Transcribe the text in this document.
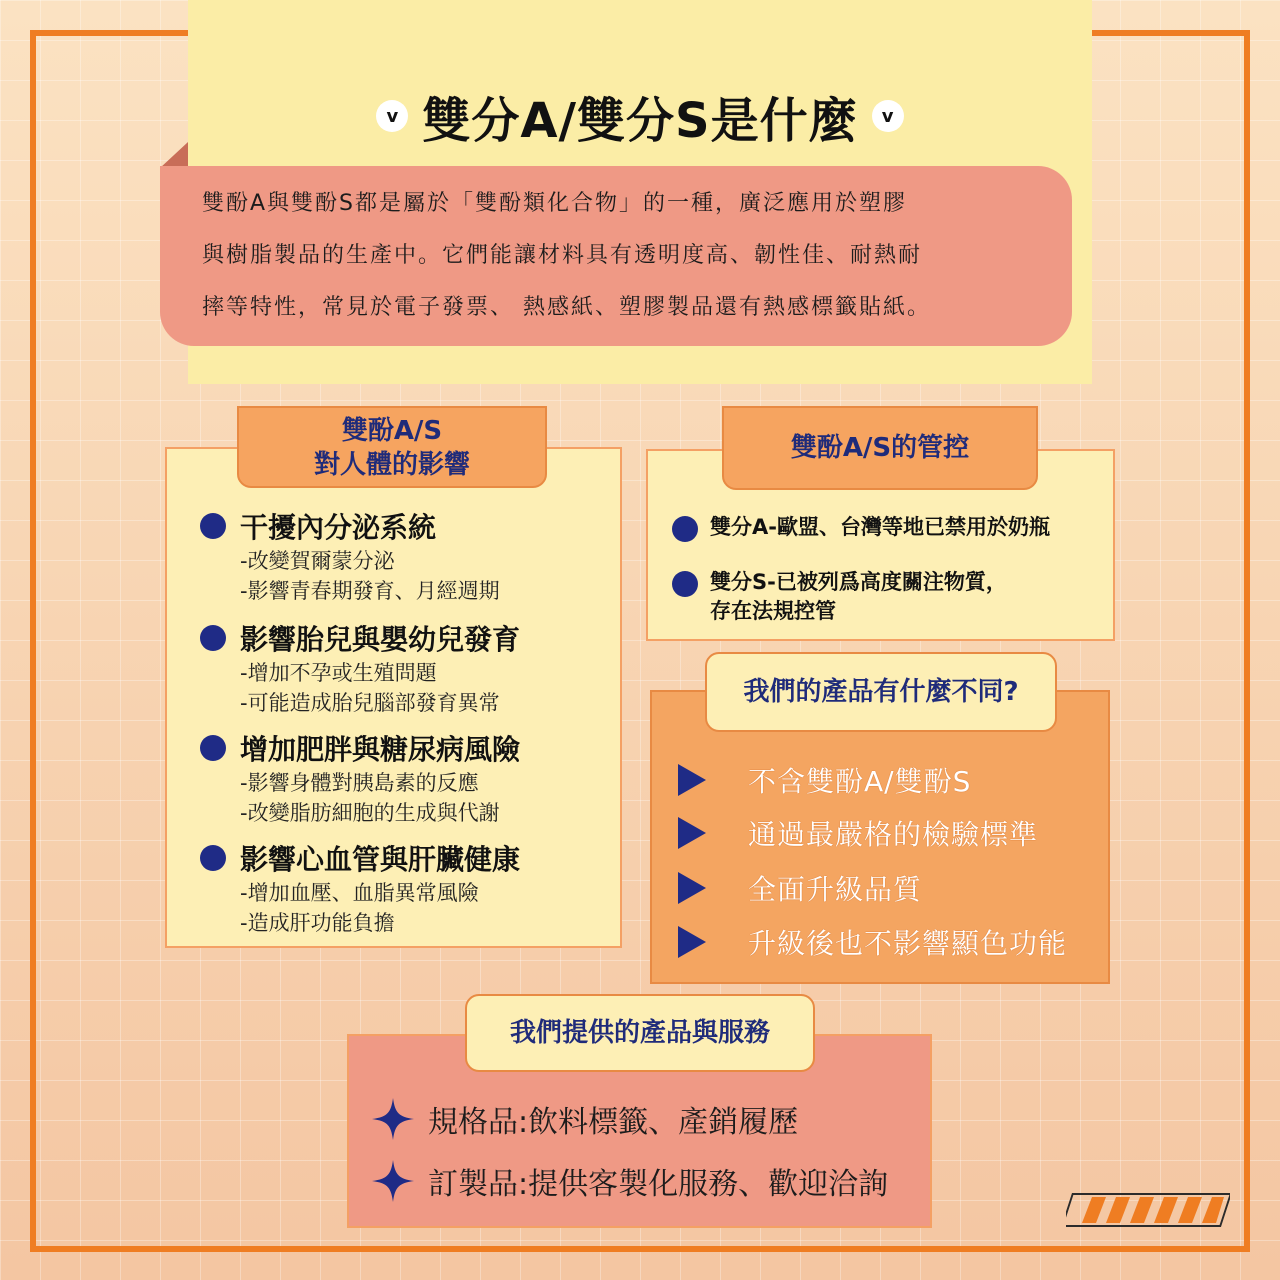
v 雙分A/雙分S是什麼	v
雙酚A與雙酚S都是屬於「雙酚類化合物」的一種，廣泛應用於塑膠
與樹脂製品的生產中。它們能讓材料具有透明度高、韌性佳、耐熱耐
摔等特性，常見於電子發票、 熱感紙、塑膠製品還有熱感標籤貼紙。
雙酚A/S
對人體的影響
干擾內分泌系統
-改變賀爾蒙分泌
-影響青春期發育、月經週期
影響胎兒與嬰幼兒發育
-增加不孕或生殖問題
-可能造成胎兒腦部發育異常
增加肥胖與糖尿病風險
-影響身體對胰島素的反應
-改變脂肪細胞的生成與代謝
影響心血管與肝臟健康
-增加血壓、血脂異常風險
-造成肝功能負擔
雙酚A/S的管控
雙分A-歐盟、台灣等地已禁用於奶瓶
雙分S-已被列爲高度關注物質，
存在法規控管
我們的產品有什麼不同?
不含雙酚A/雙酚S
通過最嚴格的檢驗標準
全面升級品質
升級後也不影響顯色功能
我們提供的產品與服務
規格品:飲料標籤、產銷履歷
訂製品:提供客製化服務、歡迎洽詢
